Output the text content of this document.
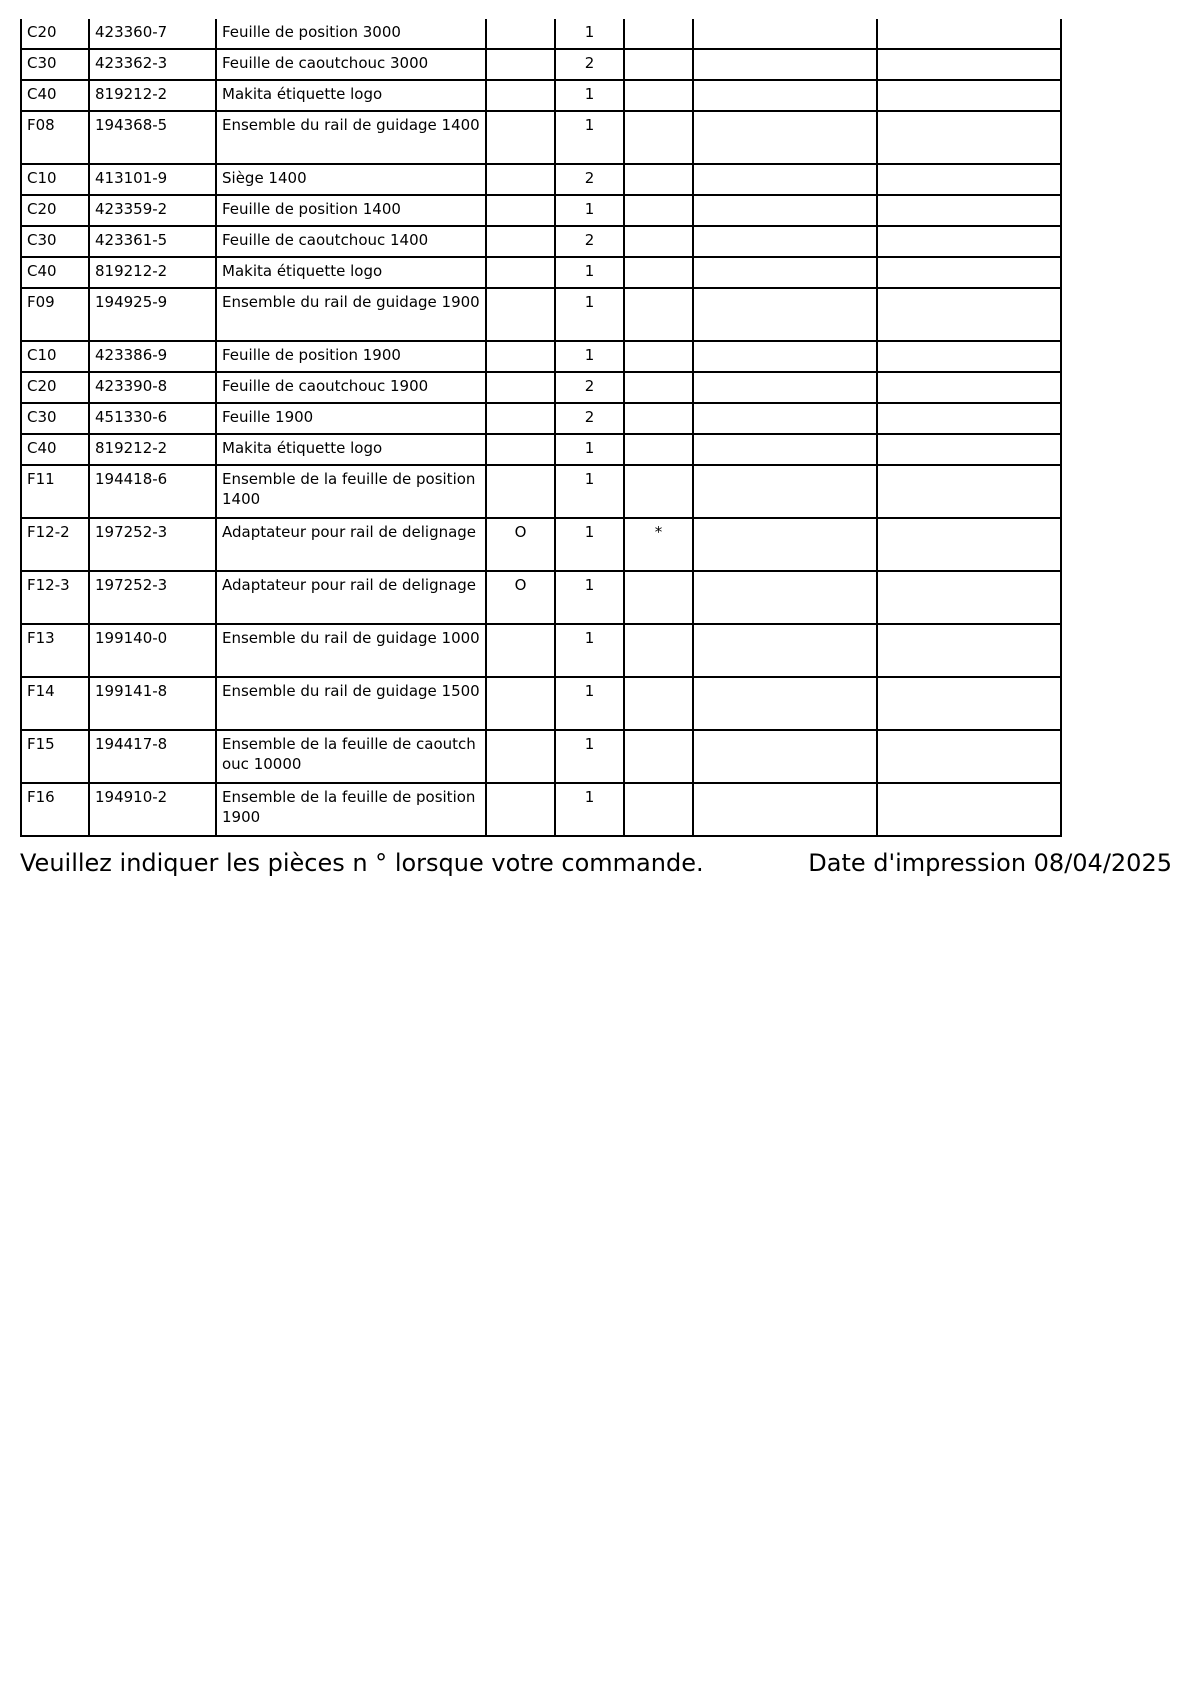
C20	423360-7	Feuille de position 3000		1			
C30	423362-3	Feuille de caoutchouc 3000		2			
C40	819212-2	Makita étiquette logo		1			
F08	194368-5	Ensemble du rail de guidage 1400		1			
C10	413101-9	Siège 1400		2			
C20	423359-2	Feuille de position 1400		1			
C30	423361-5	Feuille de caoutchouc 1400		2			
C40	819212-2	Makita étiquette logo		1			
F09	194925-9	Ensemble du rail de guidage 1900		1			
C10	423386-9	Feuille de position 1900		1			
C20	423390-8	Feuille de caoutchouc 1900		2			
C30	451330-6	Feuille 1900		2			
C40	819212-2	Makita étiquette logo		1			
F11	194418-6	Ensemble de la feuille de position 1400		1			
F12-2	197252-3	Adaptateur pour rail de delignage	O	1	*		
F12-3	197252-3	Adaptateur pour rail de delignage	O	1			
F13	199140-0	Ensemble du rail de guidage 1000		1			
F14	199141-8	Ensemble du rail de guidage 1500		1			
F15	194417-8	Ensemble de la feuille de caoutchouc 10000		1			
F16	194910-2	Ensemble de la feuille de position 1900		1			
Veuillez indiquer les pièces n ° lorsque votre commande.	Date d'impression 08/04/2025
